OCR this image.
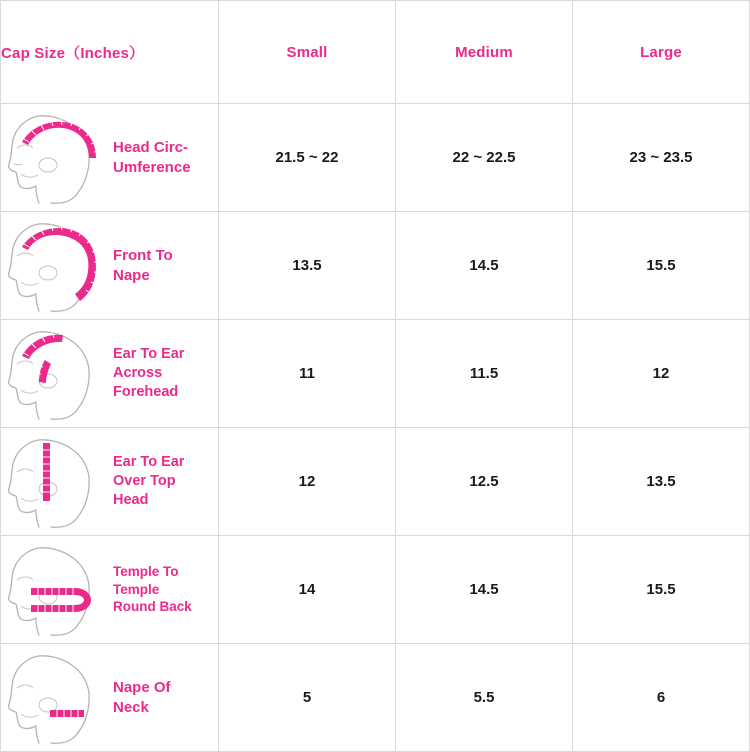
Cap Size（Inches）	Small	Medium	Large

Head Circ-
Umference	21.5 ~ 22	22 ~ 22.5	23 ~ 23.5

Front To
Nape	13.5	14.5	15.5

Ear To Ear
Across
Forehead	11	11.5	12

Ear To Ear
Over Top
Head	12	12.5	13.5

Temple To
Temple
Round Back	14	14.5	15.5

Nape Of
Neck	5	5.5	6
